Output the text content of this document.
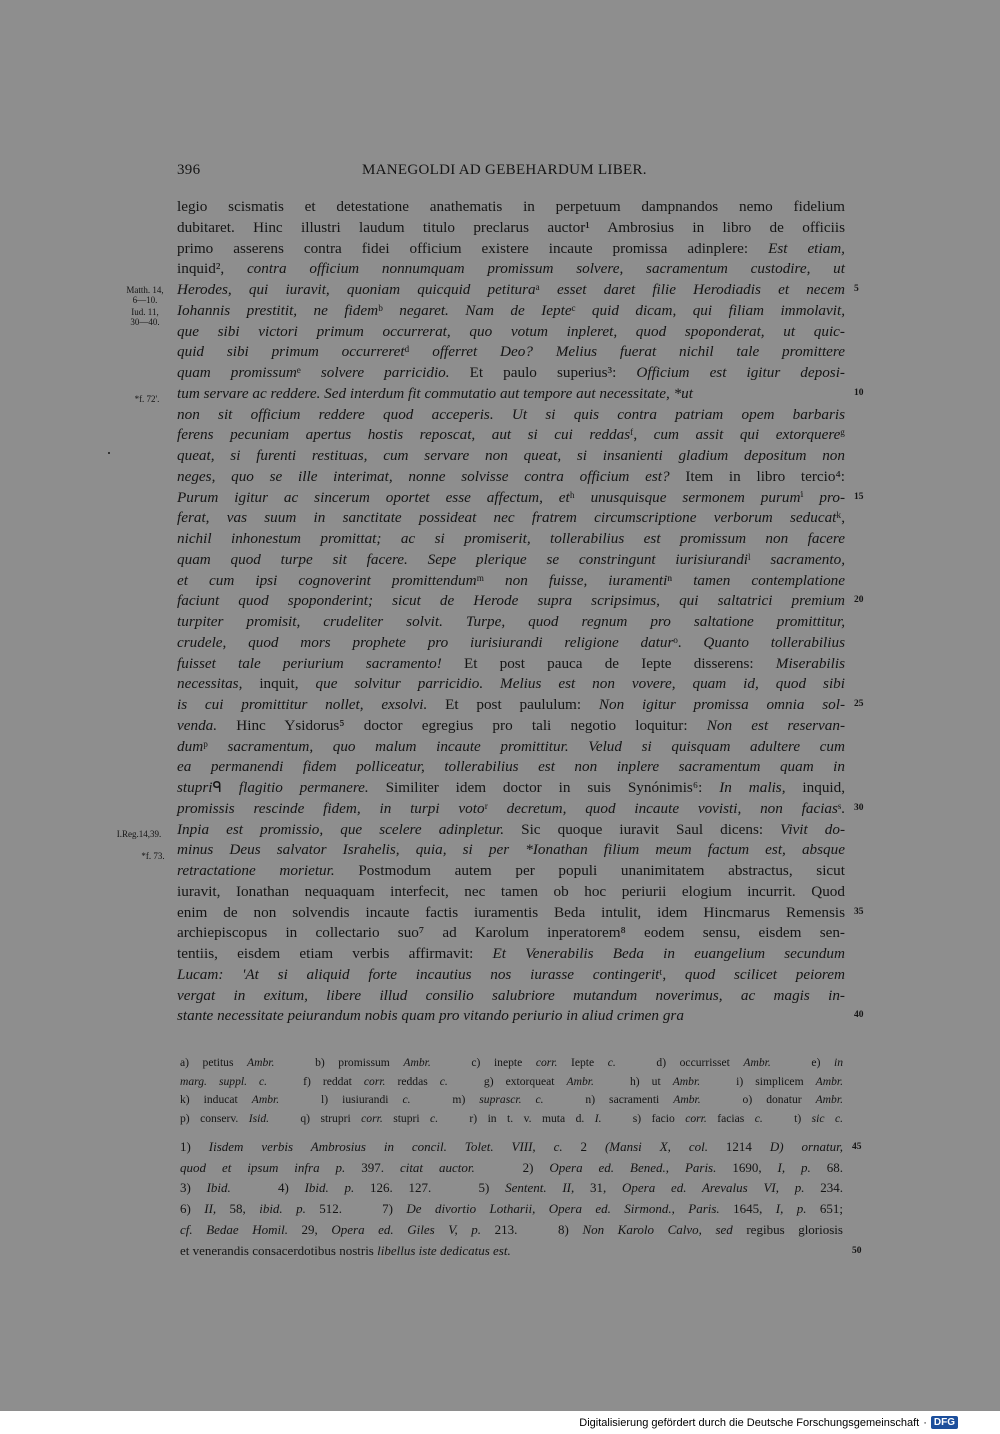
396	MANEGOLDI AD GEBEHARDUM LIBER.
legio scismatis et detestatione anathematis in perpetuum dampnandos nemo fidelium
dubitaret. Hinc illustri laudum titulo preclarus auctor¹ Ambrosius in libro de officiis
primo asserens contra fidei officium existere incaute promissa adinplere: Est etiam,
inquid², contra officium nonnumquam promissum solvere, sacramentum custodire, ut
Herodes, qui iuravit, quoniam quicquid petituraᵃ esset daret filie Herodiadis et necem
Iohannis prestitit, ne fidemᵇ negaret. Nam de Iepteᶜ quid dicam, qui filiam immolavit,
que sibi victori primum occurrerat, quo votum inpleret, quod spoponderat, ut quic-
quid sibi primum occurreretᵈ offerret Deo? Melius fuerat nichil tale promittere
quam promissumᵉ solvere parricidio. Et paulo superius³: Officium est igitur deposi-
tum servare ac reddere. Sed interdum fit commutatio aut tempore aut necessitate, *ut
non sit officium reddere quod acceperis. Ut si quis contra patriam opem barbaris
ferens pecuniam apertus hostis reposcat, aut si cui reddasᶠ, cum assit qui extorquereᵍ
queat, si furenti restituas, cum servare non queat, si insanienti gladium depositum non
neges, quo se ille interimat, nonne solvisse contra officium est? Item in libro tercio⁴:
Purum igitur ac sincerum oportet esse affectum, etʰ unusquisque sermonem purumⁱ pro-
ferat, vas suum in sanctitate possideat nec fratrem circumscriptione verborum seducatᵏ,
nichil inhonestum promittat; ac si promiserit, tollerabilius est promissum non facere
quam quod turpe sit facere. Sepe plerique se constringunt iurisiurandiˡ sacramento,
et cum ipsi cognoverint promittendumᵐ non fuisse, iuramentiⁿ tamen contemplatione
faciunt quod spoponderint; sicut de Herode supra scripsimus, qui saltatrici premium
turpiter promisit, crudeliter solvit. Turpe, quod regnum pro saltatione promittitur,
crudele, quod mors prophete pro iurisiurandi religione daturᵒ. Quanto tollerabilius
fuisset tale periurium sacramento! Et post pauca de Iepte disserens: Miserabilis
necessitas, inquit, que solvitur parricidio. Melius est non vovere, quam id, quod sibi
is cui promittitur nollet, exsolvi. Et post paululum: Non igitur promissa omnia sol-
venda. Hinc Ysidorus⁵ doctor egregius pro tali negotio loquitur: Non est reservan-
dumᵖ sacramentum, quo malum incaute promittitur. Velud si quisquam adultere cum
ea permanendi fidem polliceatur, tollerabilius est non inplere sacramentum quam in
stupriᑫ flagitio permanere. Similiter idem doctor in suis Synónimis⁶: In malis, inquid,
promissis rescinde fidem, in turpi votoʳ decretum, quod incaute vovisti, non faciasˢ.
Inpia est promissio, que scelere adinpletur. Sic quoque iuravit Saul dicens: Vivit do-
minus Deus salvator Israhelis, quia, si per *Ionathan filium meum factum est, absque
retractatione morietur. Postmodum autem per populi unanimitatem abstractus, sicut
iuravit, Ionathan nequaquam interfecit, nec tamen ob hoc periurii elogium incurrit. Quod
enim de non solvendis incaute factis iuramentis Beda intulit, idem Hincmarus Remensis
archiepiscopus in collectario suo⁷ ad Karolum inperatorem⁸ eodem sensu, eisdem sen-
tentiis, eisdem etiam verbis affirmavit: Et Venerabilis Beda in euangelium secundum
Lucam: 'At si aliquid forte incautius nos iurasse contingeritᵗ, quod scilicet peiorem
vergat in exitum, libere illud consilio salubriore mutandum noverimus, ac magis in-
stante necessitate peiurandum nobis quam pro vitando periurio in aliud crimen gra
5
10
15
20
25
30
35
40
Matth. 14,
6—10.
Iud. 11,
30—40.
*f. 72'.
I.Reg.14,39.
*f. 73.
a) petitus Ambr.   b) promissum Ambr.   c) inepte corr. Iepte c.   d) occurrisset Ambr.   e) in
marg. suppl. c.   f) reddat corr. reddas c.   g) extorqueat Ambr.   h) ut Ambr.   i) simplicem Ambr.
k) inducat Ambr.   l) iusiurandi c.   m) suprascr. c.   n) sacramenti Ambr.   o) donatur Ambr.
p) conserv. Isid.   q) strupri corr. stupri c.   r) in t. v. muta d. I.   s) facio corr. facias c.   t) sic c.
1) Iisdem verbis Ambrosius in concil. Tolet. VIII, c. 2 (Mansi X, col. 1214 D) ornatur,
quod et ipsum infra p. 397. citat auctor.   2) Opera ed. Bened., Paris. 1690, I, p. 68.
3) Ibid.   4) Ibid. p. 126. 127.   5) Sentent. II, 31, Opera ed. Arevalus VI, p. 234.
6) II, 58, ibid. p. 512.   7) De divortio Lotharii, Opera ed. Sirmond., Paris. 1645, I, p. 651;
cf. Bedae Homil. 29, Opera ed. Giles V, p. 213.   8) Non Karolo Calvo, sed regibus gloriosis
et venerandis consacerdotibus nostris libellus iste dedicatus est.
45
50
Digitalisierung gefördert durch die Deutsche Forschungsgemeinschaft · DFG
